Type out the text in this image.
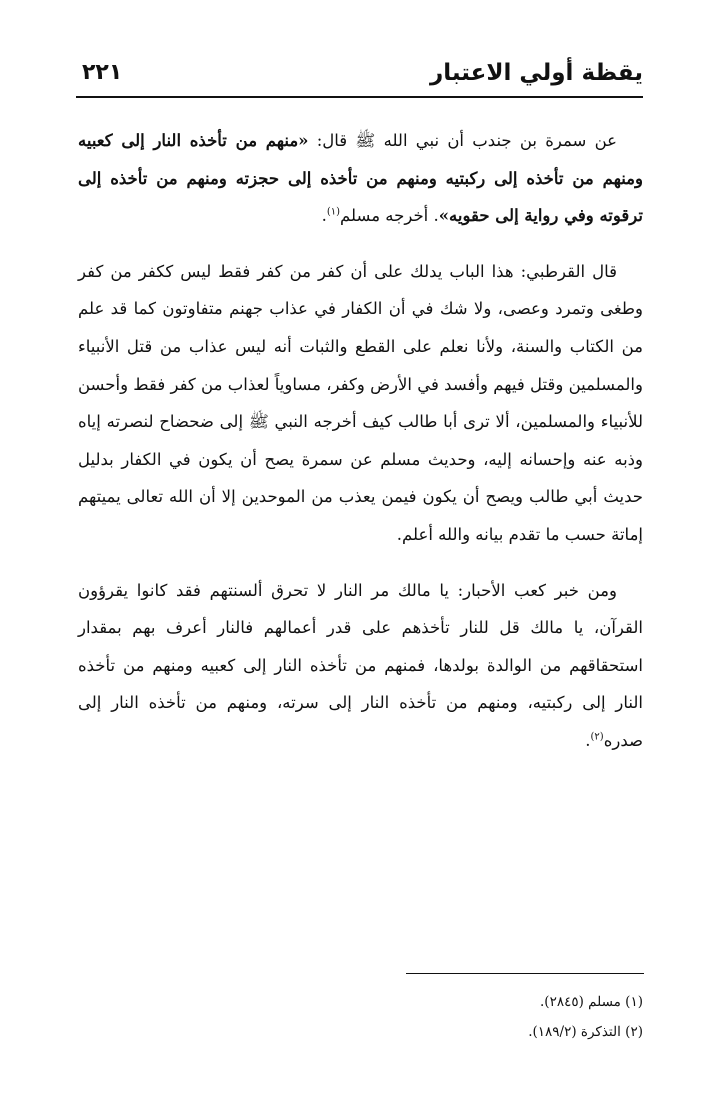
يقظة أولي الاعتبار
٢٢١

عن سمرة بن جندب أن نبي الله ﷺ قال: «منهم من تأخذه النار إلى كعبيه ومنهم من تأخذه إلى ركبتيه ومنهم من تأخذه إلى حجزته ومنهم من تأخذه إلى ترقوته وفي رواية إلى حقويه». أخرجه مسلم$^{(١)}$.

قال القرطبي: هذا الباب يدلك على أن كفر من كفر فقط ليس ككفر من كفر وطغى وتمرد وعصى، ولا شك في أن الكفار في عذاب جهنم متفاوتون كما قد علم من الكتاب والسنة، ولأنا نعلم على القطع والثبات أنه ليس عذاب من قتل الأنبياء والمسلمين وقتل فيهم وأفسد في الأرض وكفر، مساوياً لعذاب من كفر فقط وأحسن للأنبياء والمسلمين، ألا ترى أبا طالب كيف أخرجه النبي ﷺ إلى ضحضاح لنصرته إياه وذبه عنه وإحسانه إليه، وحديث مسلم عن سمرة يصح أن يكون في الكفار بدليل حديث أبي طالب ويصح أن يكون فيمن يعذب من الموحدين إلا أن الله تعالى يميتهم إماتة حسب ما تقدم بيانه والله أعلم.

ومن خبر كعب الأحبار: يا مالك مر النار لا تحرق ألسنتهم فقد كانوا يقرؤون القرآن، يا مالك قل للنار تأخذهم على قدر أعمالهم فالنار أعرف بهم بمقدار استحقاقهم من الوالدة بولدها، فمنهم من تأخذه النار إلى كعبيه ومنهم من تأخذه النار إلى ركبتيه، ومنهم من تأخذه النار إلى سرته، ومنهم من تأخذه النار إلى صدره$^{(٢)}$.

(١) مسلم (٢٨٤٥).

(٢) التذكرة (١٨٩/٢).
